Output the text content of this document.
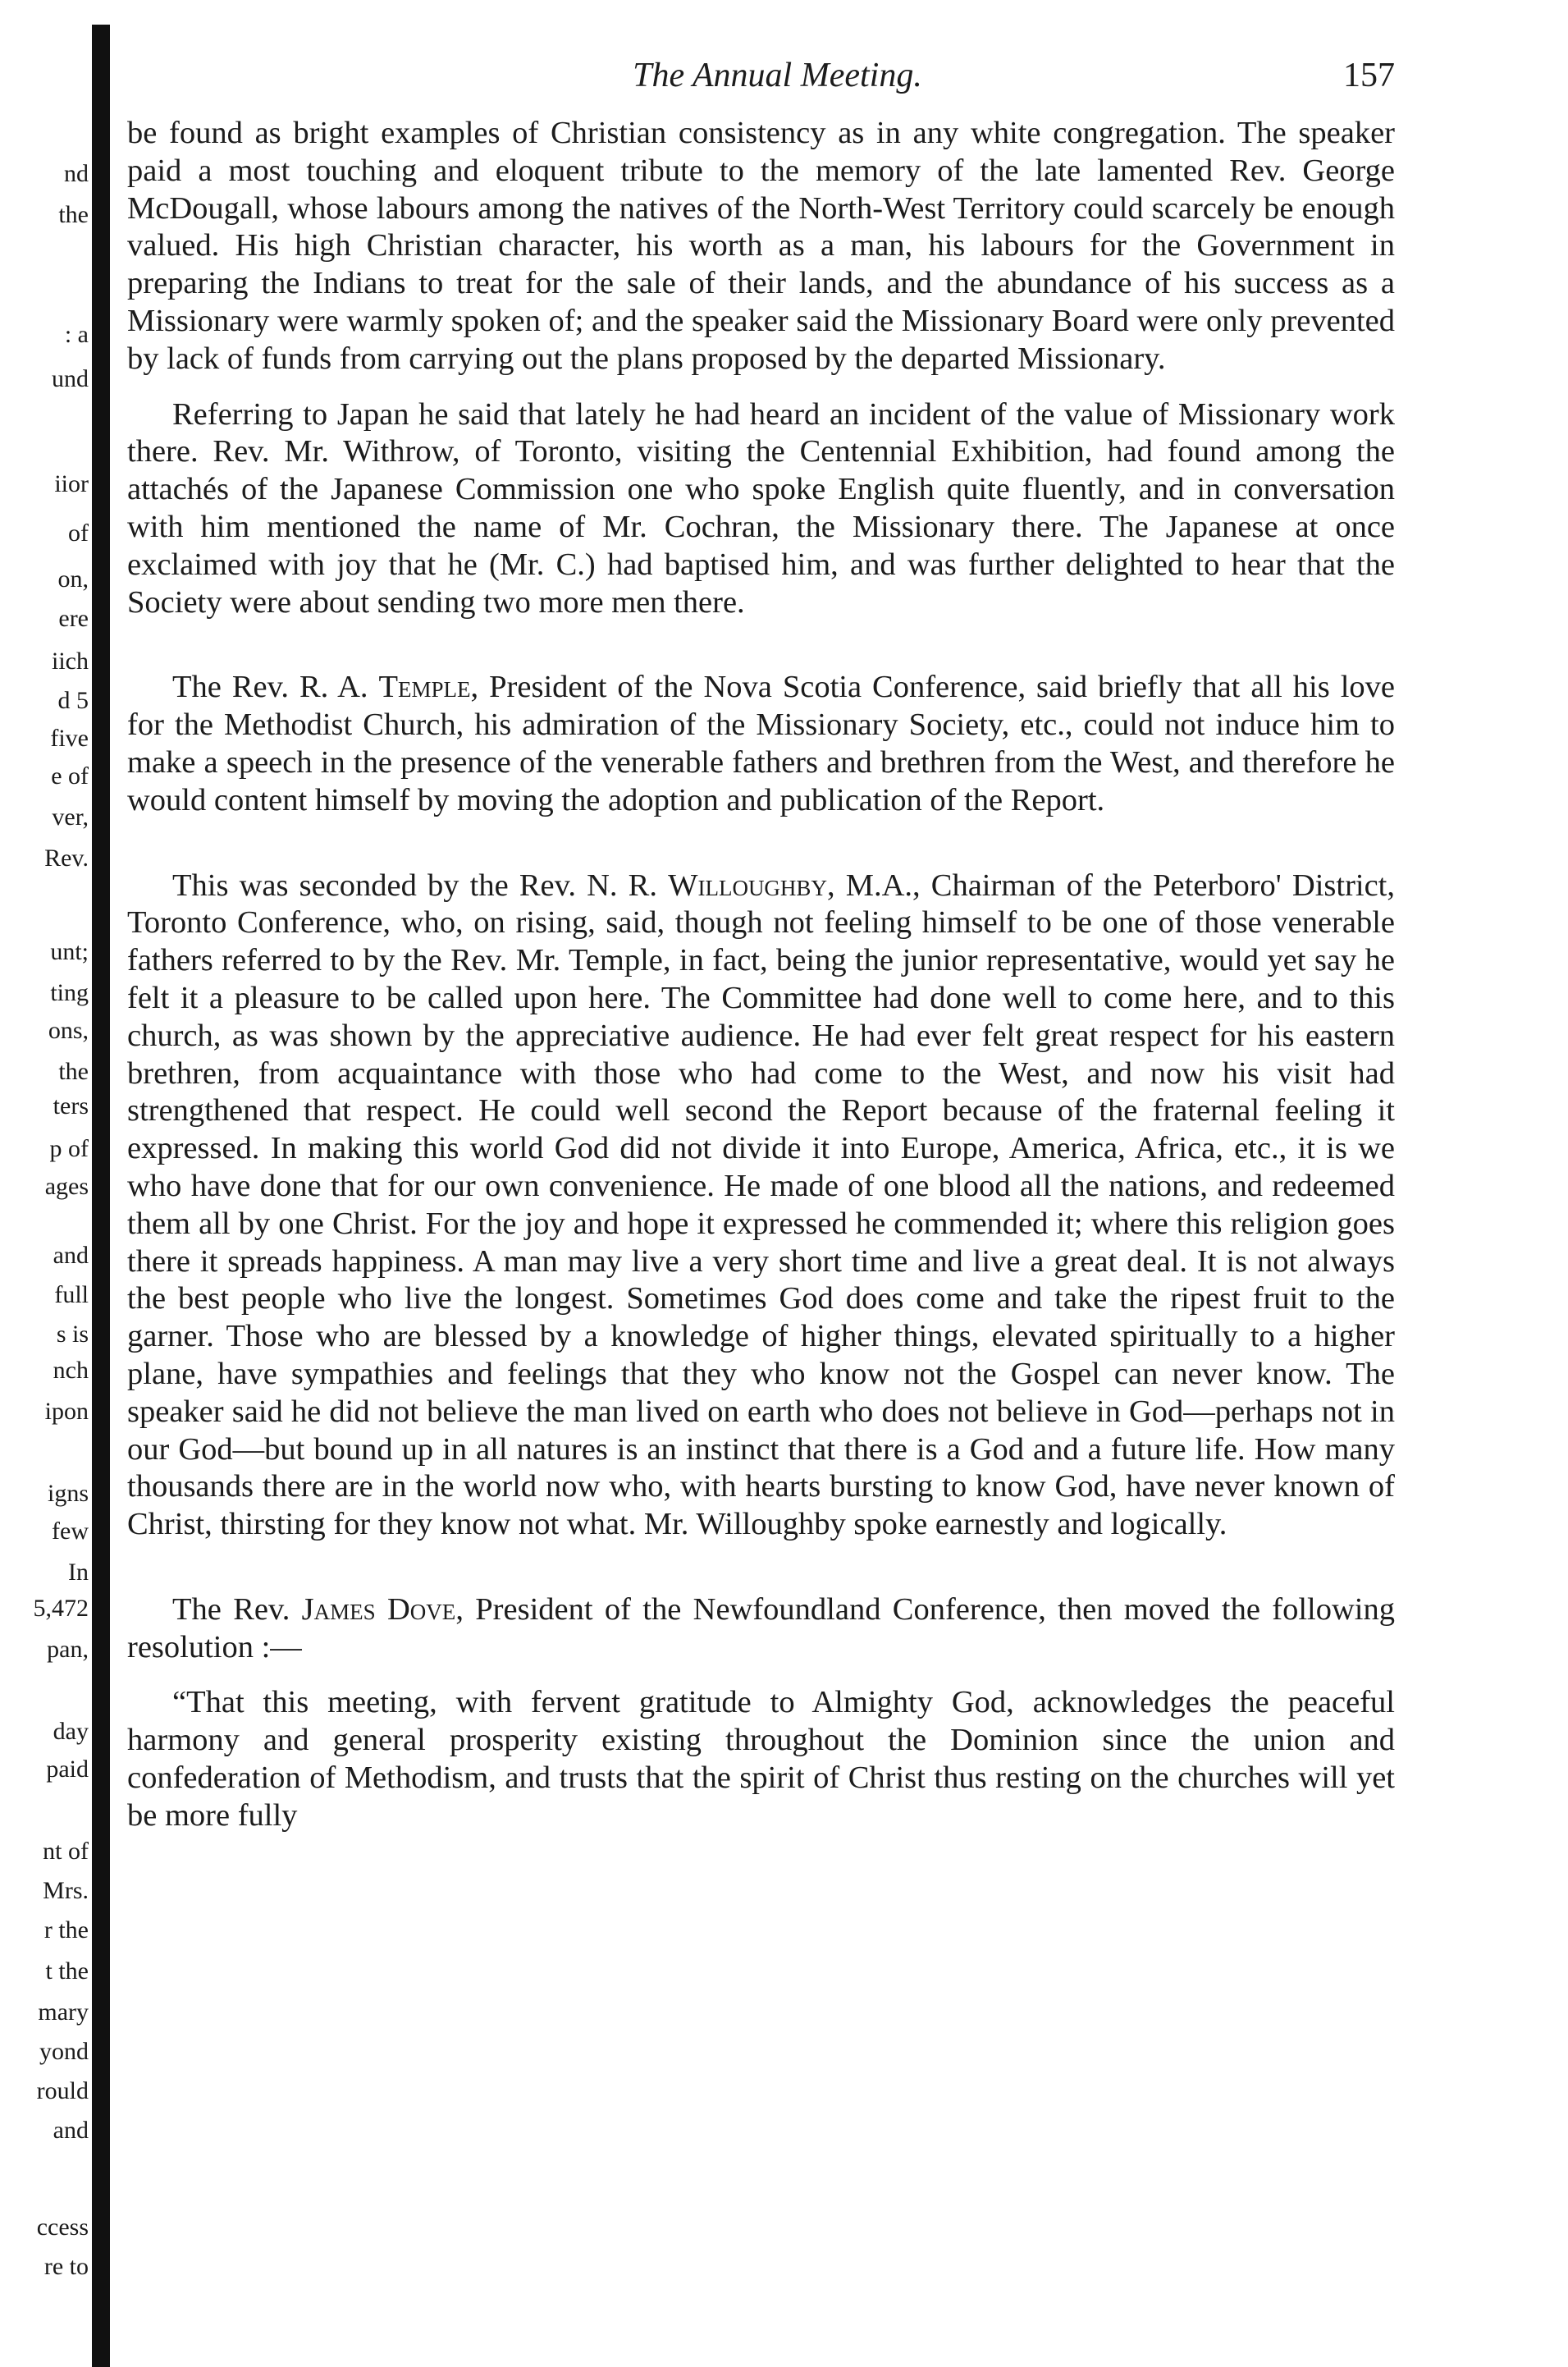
nd
the
: a
und
iior
of
on,
ere
iich
d 5
five
e of
ver,
Rev.
unt;
ting
ons,
the
ters
p of
ages
and
full
s is
nch
ipon
igns
few
In
5,472
pan,
day
paid
nt of
Mrs.
r the
t the
mary
yond
rould
and
ccess
re to
The Annual Meeting.	157

be found as bright examples of Christian consistency as in any white congregation. The speaker paid a most touching and eloquent tribute to the memory of the late lamented Rev. George McDougall, whose labours among the natives of the North-West Territory could scarcely be enough valued. His high Christian character, his worth as a man, his labours for the Government in preparing the Indians to treat for the sale of their lands, and the abundance of his success as a Missionary were warmly spoken of; and the speaker said the Missionary Board were only prevented by lack of funds from carrying out the plans proposed by the departed Missionary.

Referring to Japan he said that lately he had heard an incident of the value of Missionary work there. Rev. Mr. Withrow, of Toronto, visiting the Centennial Exhibition, had found among the attachés of the Japanese Commission one who spoke English quite fluently, and in conversation with him mentioned the name of Mr. Cochran, the Missionary there. The Japanese at once exclaimed with joy that he (Mr. C.) had baptised him, and was further delighted to hear that the Society were about sending two more men there.

The Rev. R. A. Temple, President of the Nova Scotia Conference, said briefly that all his love for the Methodist Church, his admiration of the Missionary Society, etc., could not induce him to make a speech in the presence of the venerable fathers and brethren from the West, and therefore he would content himself by moving the adoption and publication of the Report.

This was seconded by the Rev. N. R. Willoughby, M.A., Chairman of the Peterboro' District, Toronto Conference, who, on rising, said, though not feeling himself to be one of those venerable fathers referred to by the Rev. Mr. Temple, in fact, being the junior representative, would yet say he felt it a pleasure to be called upon here. The Committee had done well to come here, and to this church, as was shown by the appreciative audience. He had ever felt great respect for his eastern brethren, from acquaintance with those who had come to the West, and now his visit had strengthened that respect. He could well second the Report because of the fraternal feeling it expressed. In making this world God did not divide it into Europe, America, Africa, etc., it is we who have done that for our own convenience. He made of one blood all the nations, and redeemed them all by one Christ. For the joy and hope it expressed he commended it; where this religion goes there it spreads happiness. A man may live a very short time and live a great deal. It is not always the best people who live the longest. Sometimes God does come and take the ripest fruit to the garner. Those who are blessed by a knowledge of higher things, elevated spiritually to a higher plane, have sympathies and feelings that they who know not the Gospel can never know. The speaker said he did not believe the man lived on earth who does not believe in God—perhaps not in our God—but bound up in all natures is an instinct that there is a God and a future life. How many thousands there are in the world now who, with hearts bursting to know God, have never known of Christ, thirsting for they know not what. Mr. Willoughby spoke earnestly and logically.

The Rev. James Dove, President of the Newfoundland Conference, then moved the following resolution :—

“That this meeting, with fervent gratitude to Almighty God, acknowledges the peaceful harmony and general prosperity existing throughout the Dominion since the union and confederation of Methodism, and trusts that the spirit of Christ thus resting on the churches will yet be more fully
